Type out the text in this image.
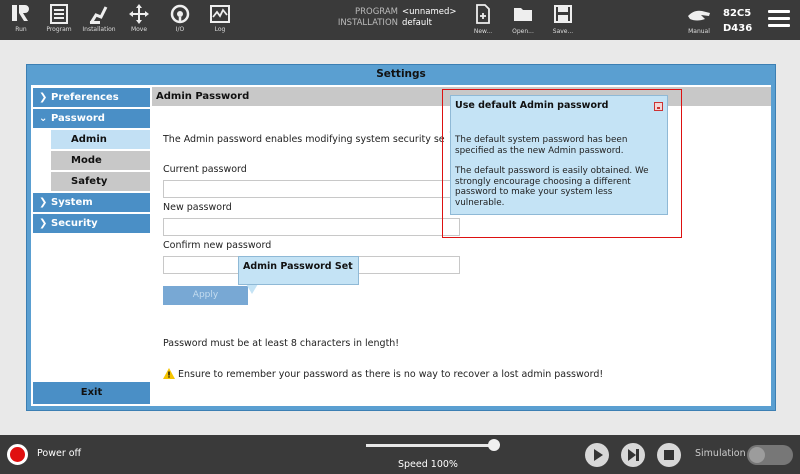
Run	Program	Installation	Move	I/O	Log
PROGRAM <unnamed>
INSTALLATION default
New...	Open...	Save...	Manual
82C5
D436
Settings
❯ Preferences
⌄ Password
Admin
Mode
Safety
❯ System
❯ Security
Exit
Admin Password
The Admin password enables modifying system security se
Current password
New password
Confirm new password
Apply
Password must be at least 8 characters in length!
Ensure to remember your password as there is no way to recover a lost admin password!
Use default Admin password
The default system password has been specified as the new Admin password.
The default password is easily obtained. We strongly encourage choosing a different password to make your system less vulnerable.
Admin Password Set
Power off
Speed 100%
Simulation
